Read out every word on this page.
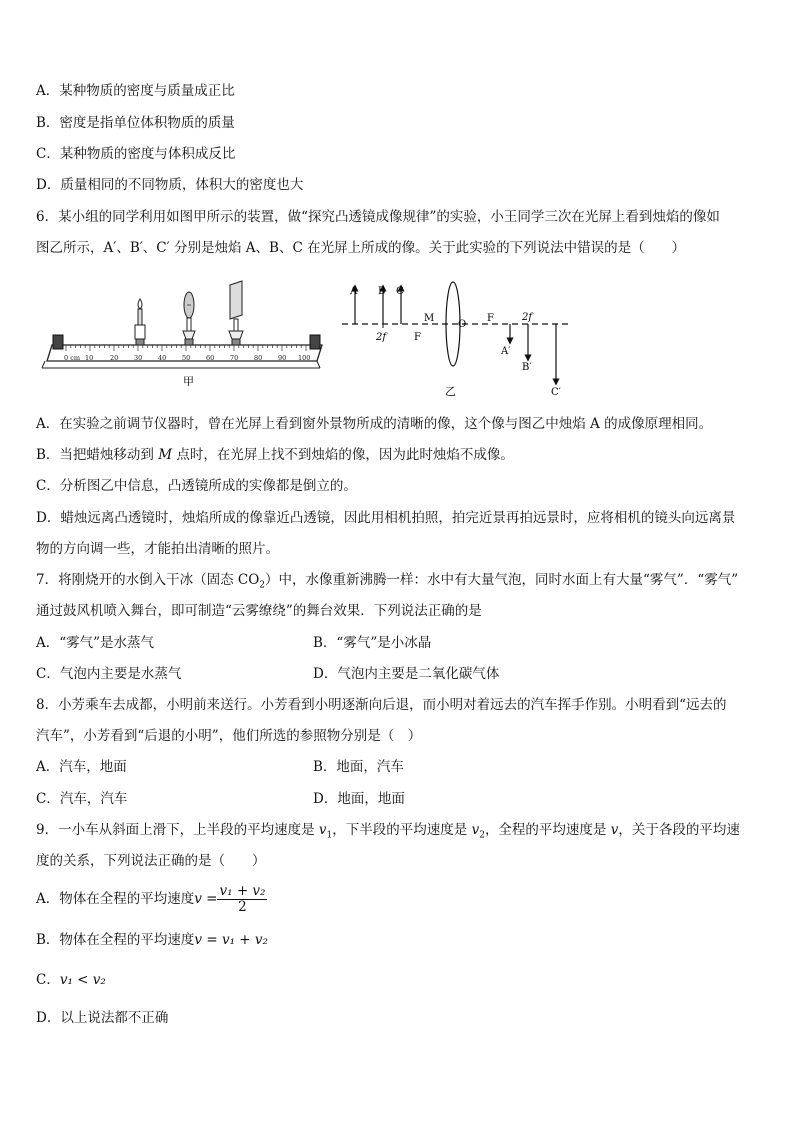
A．某种物质的密度与质量成正比
B．密度是指单位体积物质的质量
C．某种物质的密度与体积成反比
D．质量相同的不同物质，体积大的密度也大
6．某小组的同学利用如图甲所示的装置，做“探究凸透镜成像规律”的实验，小王同学三次在光屏上看到烛焰的像如
图乙所示，A′、B′、C′ 分别是烛焰 A、B、C 在光屏上所成的像。关于此实验的下列说法中错误的是（　　）
0 cm 10	20 30 40 50 60 70 80 90 100
甲
A B C
2f
M
F
O
F	2f
A′
B′
C′
乙
A．在实验之前调节仪器时，曾在光屏上看到窗外景物所成的清晰的像，这个像与图乙中烛焰 A 的成像原理相同。
B．当把蜡烛移动到 M 点时，在光屏上找不到烛焰的像，因为此时烛焰不成像。
C．分析图乙中信息，凸透镜所成的实像都是倒立的。
D．蜡烛远离凸透镜时，烛焰所成的像靠近凸透镜，因此用相机拍照，拍完近景再拍远景时，应将相机的镜头向远离景
物的方向调一些，才能拍出清晰的照片。
7．将刚烧开的水倒入干冰（固态 $CO_2$）中，水像重新沸腾一样：水中有大量气泡，同时水面上有大量“雾气”．“雾气”
通过鼓风机喷入舞台，即可制造“云雾缭绕”的舞台效果．下列说法正确的是
A．“雾气”是水蒸气	B．“雾气”是小冰晶
C．气泡内主要是水蒸气	D．气泡内主要是二氧化碳气体
8．小芳乘车去成都，小明前来送行。小芳看到小明逐渐向后退，而小明对着远去的汽车挥手作别。小明看到“远去的
汽车”，小芳看到“后退的小明”，他们所选的参照物分别是（　）
A．汽车，地面	B．地面，汽车
C．汽车，汽车	D．地面，地面
9．一小车从斜面上滑下，上半段的平均速度是 $v_1$，下半段的平均速度是 $v_2$，全程的平均速度是 v，关于各段的平均速
度的关系，下列说法正确的是（　　）
A．物体在全程的平均速度$v = \frac{\text{v₁ + v₂}}{2}$
B．物体在全程的平均速度v = v₁ + v₂
C．v₁ < v₂
D．以上说法都不正确
